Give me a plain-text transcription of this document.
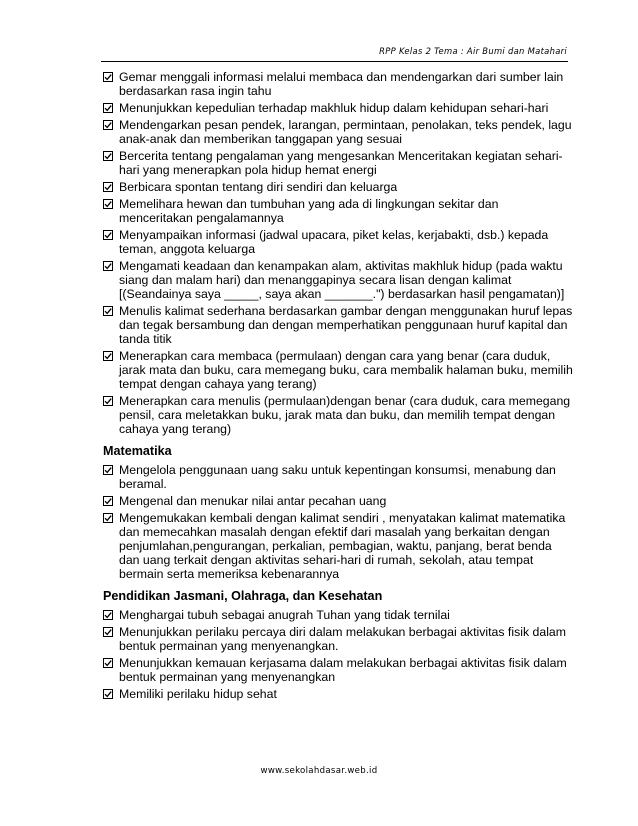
RPP Kelas 2 Tema : Air Bumi dan Matahari
Gemar menggali informasi melalui membaca dan mendengarkan dari sumber lain berdasarkan rasa ingin tahu
Menunjukkan kepedulian terhadap makhluk hidup dalam kehidupan sehari-hari
Mendengarkan pesan pendek, larangan, permintaan, penolakan, teks pendek, lagu anak-anak dan memberikan tanggapan yang sesuai
Bercerita tentang pengalaman yang mengesankan Menceritakan kegiatan sehari-hari yang menerapkan pola hidup hemat energi
Berbicara spontan tentang diri sendiri dan keluarga
Memelihara hewan dan tumbuhan yang ada di lingkungan sekitar dan menceritakan pengalamannya
Menyampaikan informasi (jadwal upacara, piket kelas, kerjabakti, dsb.) kepada teman, anggota keluarga
Mengamati keadaan dan kenampakan alam, aktivitas makhluk hidup (pada waktu siang dan malam hari) dan menanggapinya secara lisan dengan kalimat [(Seandainya saya _____, saya akan _______.") berdasarkan hasil pengamatan)]
Menulis kalimat sederhana berdasarkan gambar dengan menggunakan huruf lepas dan tegak bersambung dan dengan memperhatikan penggunaan huruf kapital dan tanda titik
Menerapkan cara membaca (permulaan) dengan cara yang benar (cara duduk, jarak mata dan buku, cara memegang buku, cara membalik halaman buku, memilih tempat dengan cahaya yang terang)
Menerapkan cara menulis (permulaan)dengan benar (cara duduk, cara memegang pensil, cara meletakkan buku, jarak mata dan buku, dan memilih tempat dengan cahaya yang terang)
Matematika
Mengelola penggunaan uang saku untuk kepentingan konsumsi, menabung dan beramal.
Mengenal dan menukar nilai antar pecahan uang
Mengemukakan kembali dengan kalimat sendiri , menyatakan kalimat matematika dan memecahkan masalah dengan efektif dari masalah yang berkaitan dengan penjumlahan,pengurangan, perkalian, pembagian, waktu, panjang, berat benda dan uang terkait dengan aktivitas sehari-hari di rumah, sekolah, atau tempat bermain serta memeriksa kebenarannya
Pendidikan Jasmani, Olahraga, dan Kesehatan
Menghargai tubuh sebagai anugrah Tuhan yang tidak ternilai
Menunjukkan perilaku percaya diri dalam melakukan berbagai aktivitas fisik dalam bentuk permainan yang menyenangkan.
Menunjukkan kemauan kerjasama dalam melakukan berbagai aktivitas fisik dalam bentuk permainan yang menyenangkan
Memiliki perilaku hidup sehat
www.sekolahdasar.web.id
